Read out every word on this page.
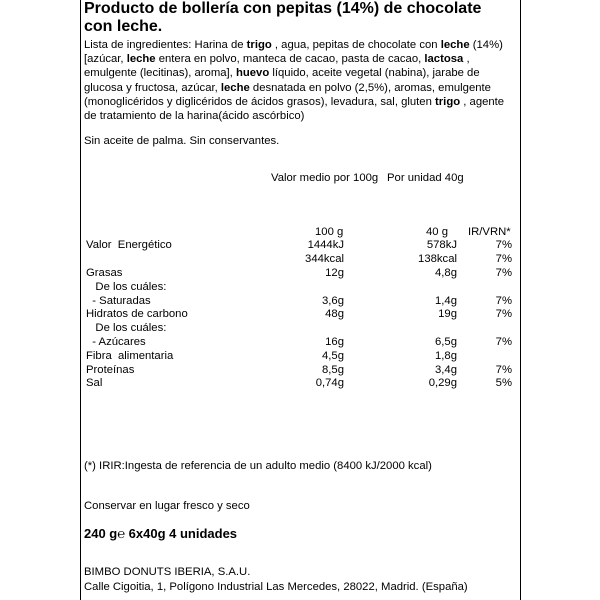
Producto de bollería con pepitas (14%) de chocolate con leche.

Lista de ingredientes: Harina de trigo , agua, pepitas de chocolate con leche (14%) [azúcar, leche entera en polvo, manteca de cacao, pasta de cacao, lactosa , emulgente (lecitinas), aroma], huevo líquido, aceite vegetal (nabina), jarabe de glucosa y fructosa, azúcar, leche desnatada en polvo (2,5%), aromas, emulgente (monoglicéridos y diglicéridos de ácidos grasos), levadura, sal, gluten trigo , agente de tratamiento de la harina(ácido ascórbico)

Sin aceite de palma. Sin conservantes.

Valor medio por 100g Por unidad 40g
100 g	40 g IR/VRN*
Valor  Energético	1444kJ	578kJ	7%
344kcal	138kcal	7%
Grasas	12g	4,8g	7%
De los cuáles:
- Saturadas	3,6g	1,4g	7%
Hidratos de carbono	48g	19g	7%
De los cuáles:
- Azúcares	16g	6,5g	7%
Fibra  alimentaria	4,5g	1,8g
Proteínas	8,5g	3,4g	7%
Sal	0,74g	0,29g	5%
(*) IRIR:Ingesta de referencia de un adulto medio (8400 kJ/2000 kcal)
Conservar en lugar fresco y seco
240 g℮ 6x40g 4 unidades
BIMBO DONUTS IBERIA, S.A.U.
Calle Cigoitia, 1, Polígono Industrial Las Mercedes, 28022, Madrid. (España)
